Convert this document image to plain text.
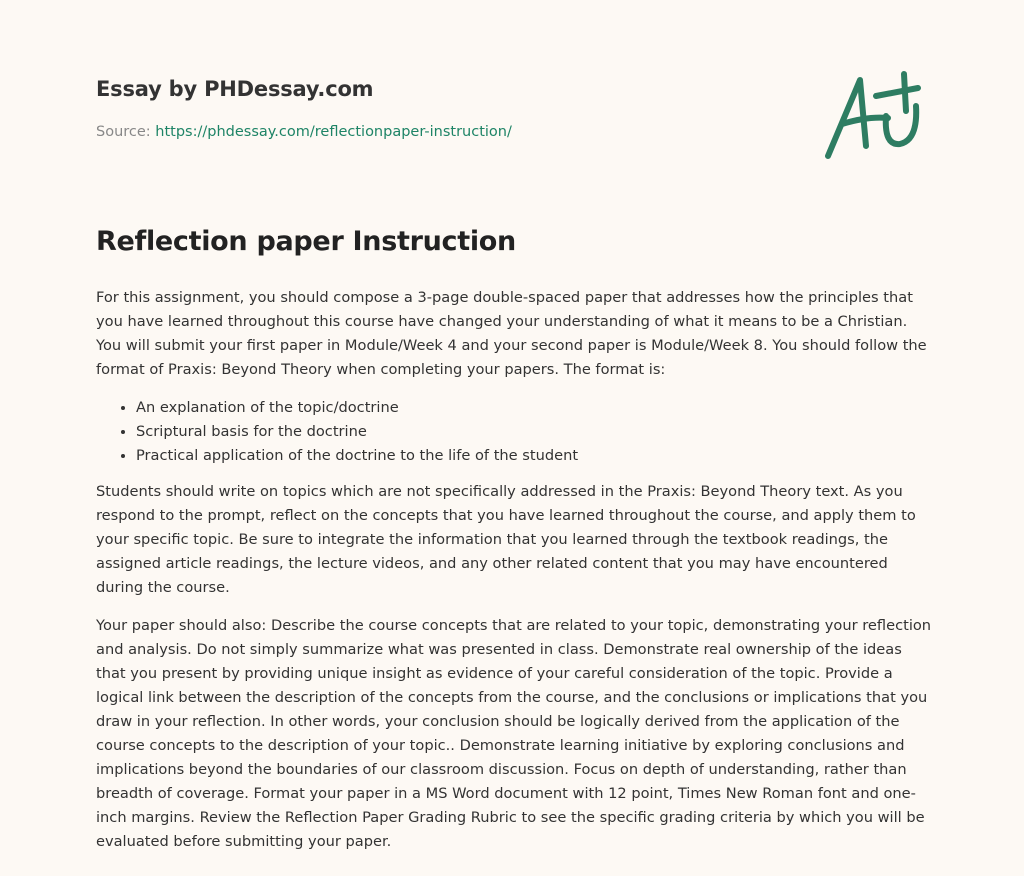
Essay by PHDessay.com
Source: https://phdessay.com/reflectionpaper-instruction/
Reflection paper Instruction

For this assignment, you should compose a 3-page double-spaced paper that addresses how the principles that you have learned throughout this course have changed your understanding of what it means to be a Christian. You will submit your first paper in Module/Week 4 and your second paper is Module/Week 8. You should follow the format of Praxis: Beyond Theory when completing your papers. The format is:

• An explanation of the topic/doctrine
• Scriptural basis for the doctrine
• Practical application of the doctrine to the life of the student

Students should write on topics which are not specifically addressed in the Praxis: Beyond Theory text. As you respond to the prompt, reflect on the concepts that you have learned throughout the course, and apply them to your specific topic. Be sure to integrate the information that you learned through the textbook readings, the assigned article readings, the lecture videos, and any other related content that you may have encountered during the course.

Your paper should also: Describe the course concepts that are related to your topic, demonstrating your reflection and analysis. Do not simply summarize what was presented in class. Demonstrate real ownership of the ideas that you present by providing unique insight as evidence of your careful consideration of the topic. Provide a logical link between the description of the concepts from the course, and the conclusions or implications that you draw in your reflection. In other words, your conclusion should be logically derived from the application of the course concepts to the description of your topic.. Demonstrate learning initiative by exploring conclusions and implications beyond the boundaries of our classroom discussion. Focus on depth of understanding, rather than breadth of coverage. Format your paper in a MS Word document with 12 point, Times New Roman font and one-inch margins. Review the Reflection Paper Grading Rubric to see the specific grading criteria by which you will be evaluated before submitting your paper.
